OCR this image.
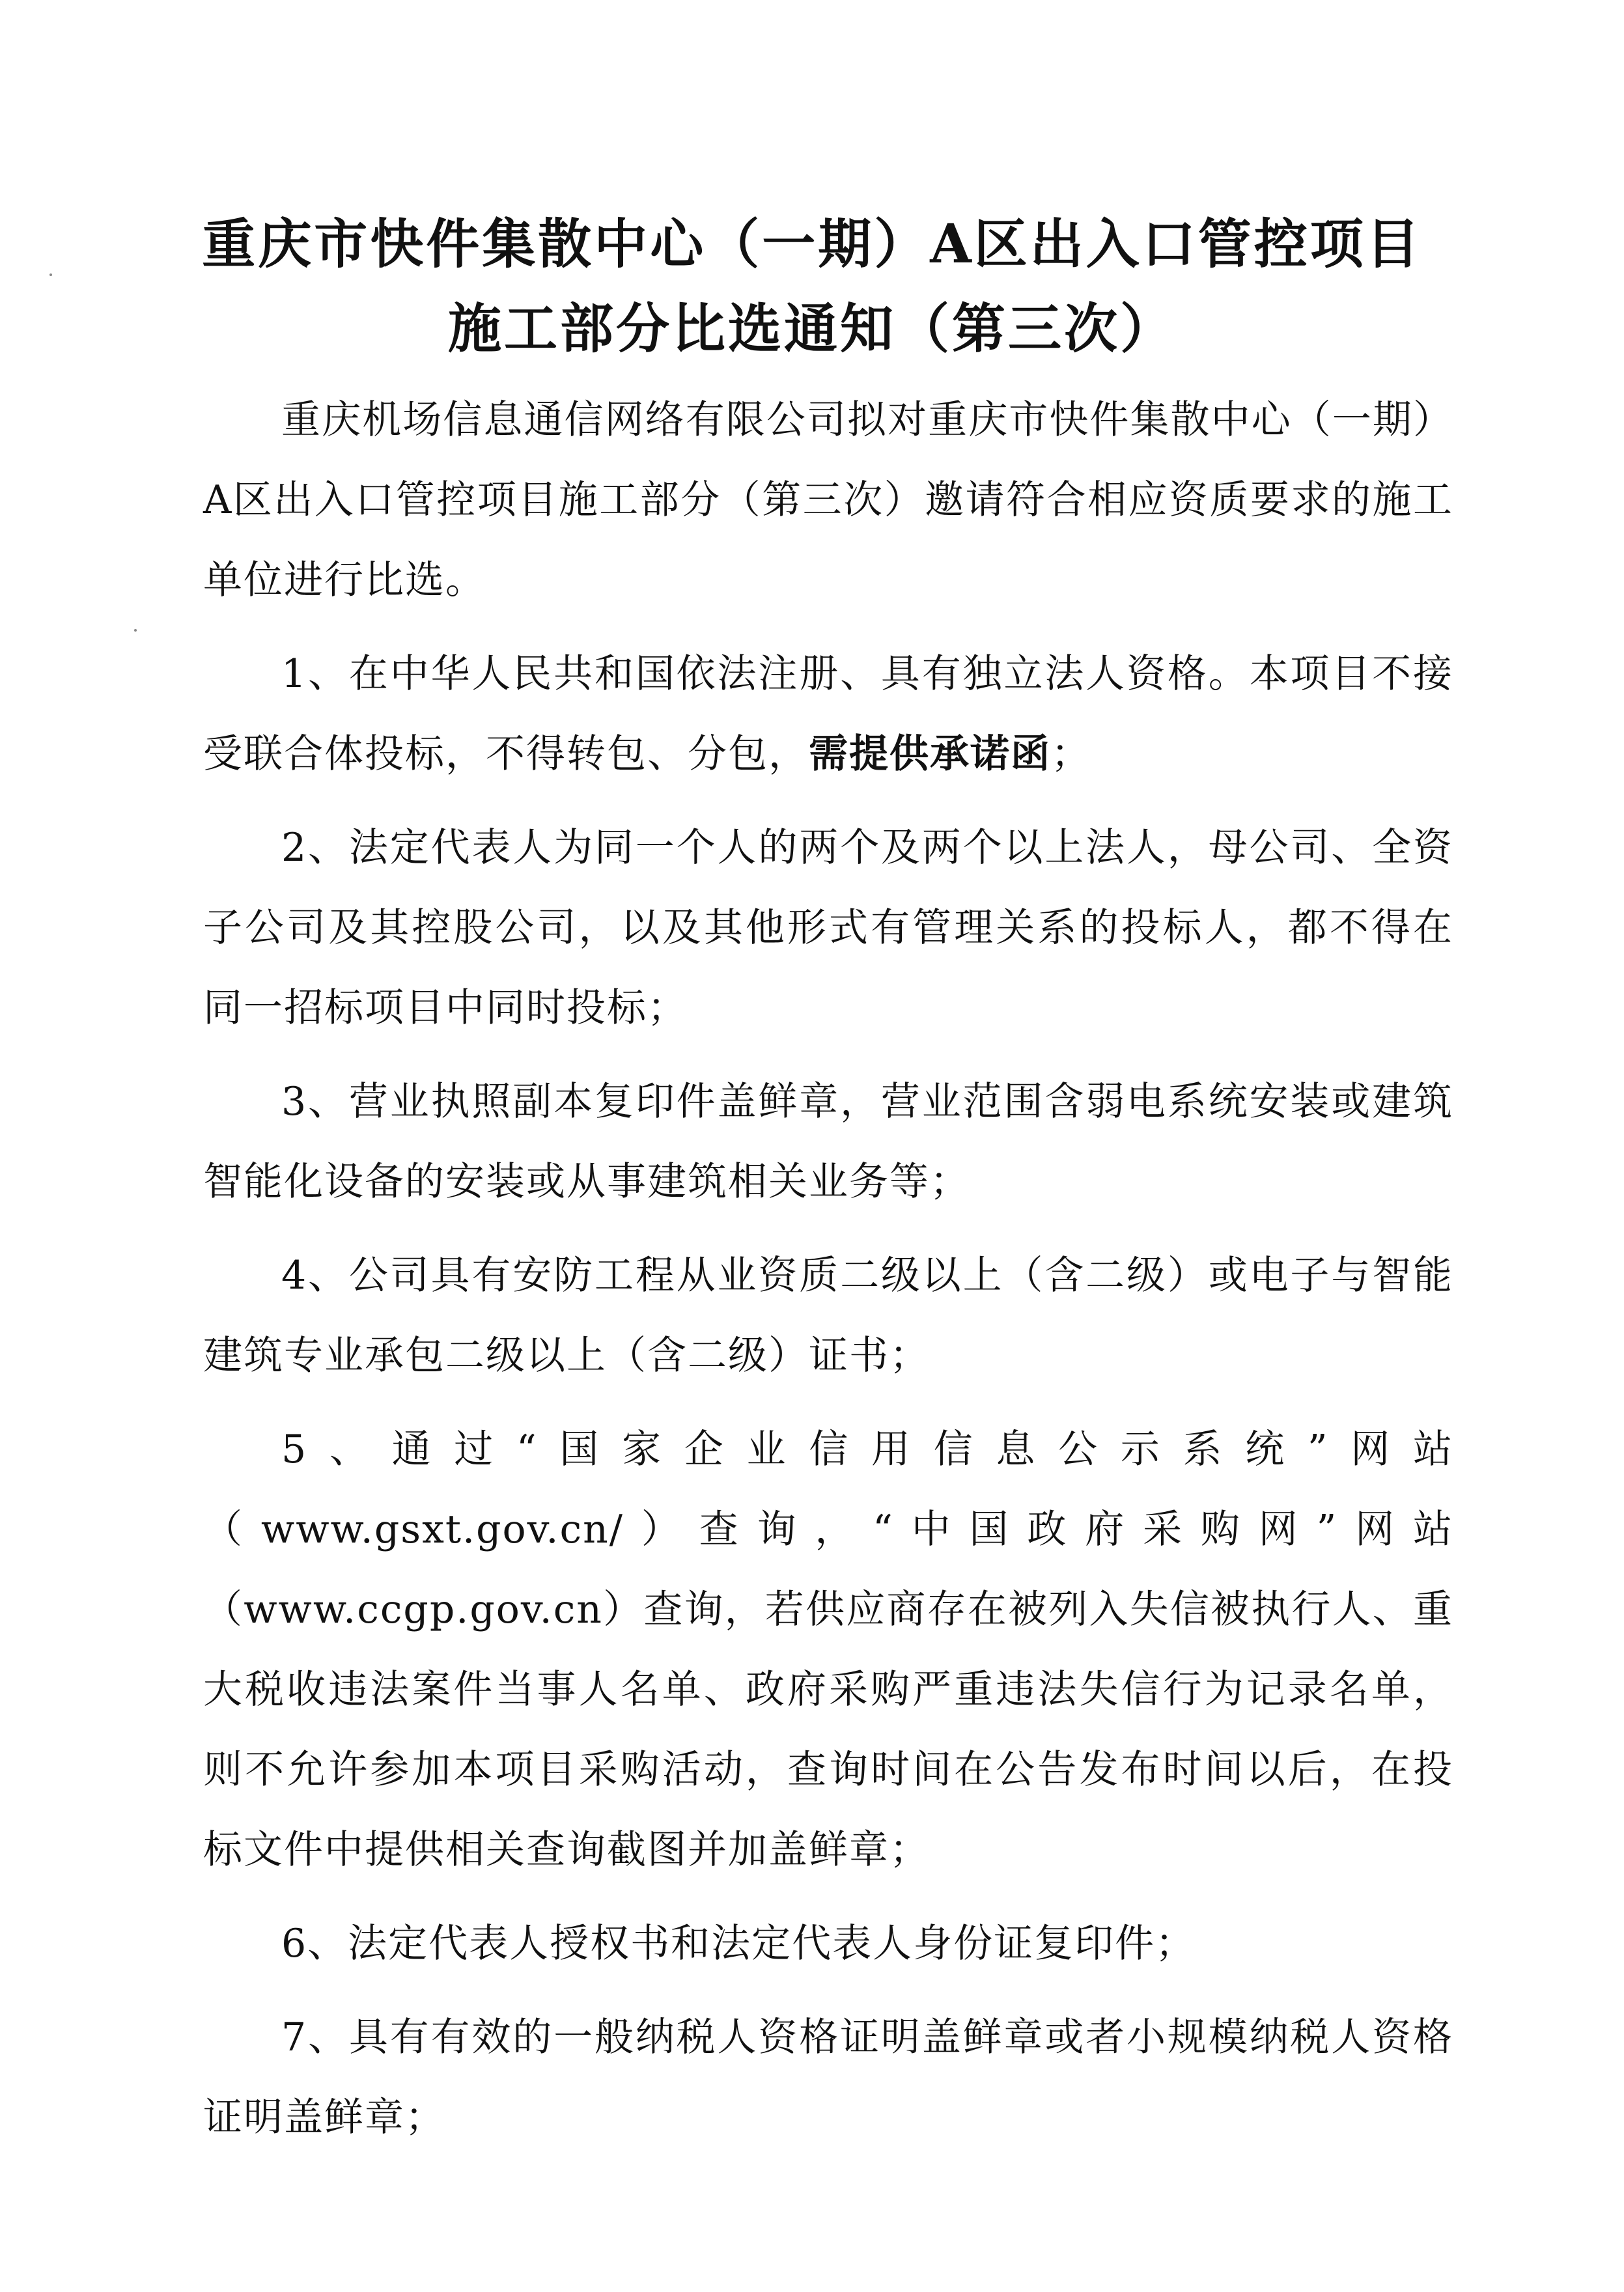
重庆市快件集散中心（一期）A区出入口管控项目
施工部分比选通知（第三次）

重庆机场信息通信网络有限公司拟对重庆市快件集散中心（一期）A区出入口管控项目施工部分（第三次）邀请符合相应资质要求的施工单位进行比选。

1、在中华人民共和国依法注册、具有独立法人资格。本项目不接受联合体投标，不得转包、分包，需提供承诺函；

2、法定代表人为同一个人的两个及两个以上法人，母公司、全资子公司及其控股公司，以及其他形式有管理关系的投标人，都不得在同一招标项目中同时投标；

3、营业执照副本复印件盖鲜章，营业范围含弱电系统安装或建筑智能化设备的安装或从事建筑相关业务等；

4、公司具有安防工程从业资质二级以上（含二级）或电子与智能建筑专业承包二级以上（含二级）证书；

5、通过“国家企业信用信息公示系统”网站（www.gsxt.gov.cn/）查询，“中国政府采购网”网站（www.ccgp.gov.cn）查询，若供应商存在被列入失信被执行人、重大税收违法案件当事人名单、政府采购严重违法失信行为记录名单，则不允许参加本项目采购活动，查询时间在公告发布时间以后，在投标文件中提供相关查询截图并加盖鲜章；

6、法定代表人授权书和法定代表人身份证复印件；

7、具有有效的一般纳税人资格证明盖鲜章或者小规模纳税人资格证明盖鲜章；
